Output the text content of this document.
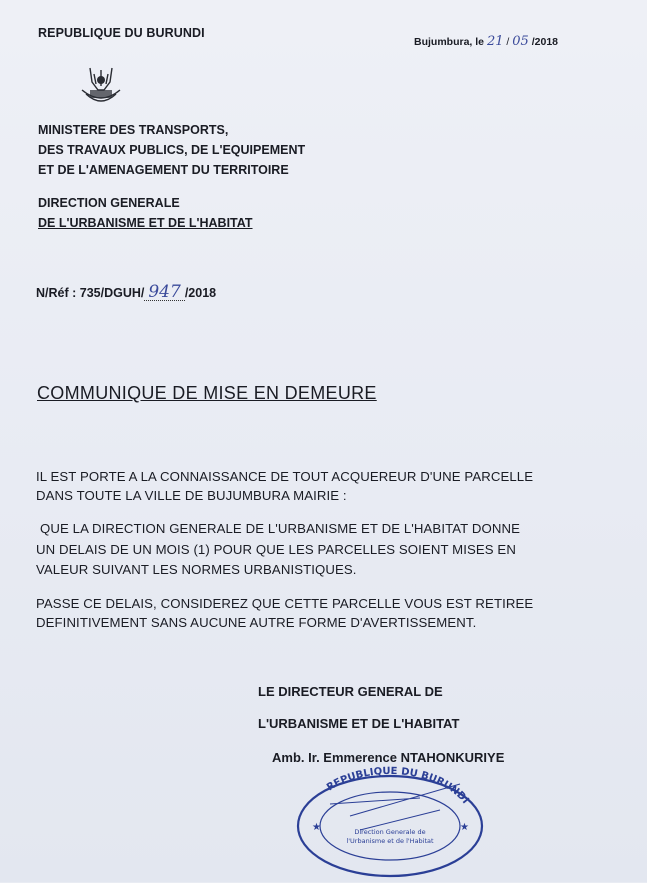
REPUBLIQUE DU BURUNDI
Bujumbura, le 21 / 05 /2018
MINISTERE DES TRANSPORTS,
DES TRAVAUX PUBLICS, DE L'EQUIPEMENT
ET DE L'AMENAGEMENT DU TERRITOIRE
DIRECTION GENERALE
DE L'URBANISME ET DE L'HABITAT
N/Réf : 735/DGUH/ 947 /2018
COMMUNIQUE DE MISE EN DEMEURE
IL EST PORTE A LA CONNAISSANCE DE TOUT ACQUEREUR D'UNE PARCELLE
DANS TOUTE LA VILLE DE BUJUMBURA MAIRIE :
QUE LA DIRECTION GENERALE DE L'URBANISME ET DE L'HABITAT DONNE
UN DELAIS DE UN MOIS (1) POUR QUE LES PARCELLES SOIENT MISES EN
VALEUR SUIVANT LES NORMES URBANISTIQUES.
PASSE CE DELAIS, CONSIDEREZ QUE CETTE PARCELLE VOUS EST RETIREE
DEFINITIVEMENT SANS AUCUNE AUTRE FORME D'AVERTISSEMENT.
LE DIRECTEUR GENERAL DE
L'URBANISME ET DE L'HABITAT
Amb. Ir. Emmerence NTAHONKURIYE
REPUBLIQUE DU BURUNDI
Direction Generale de
l'Urbanisme et de l'Habitat
★	★
